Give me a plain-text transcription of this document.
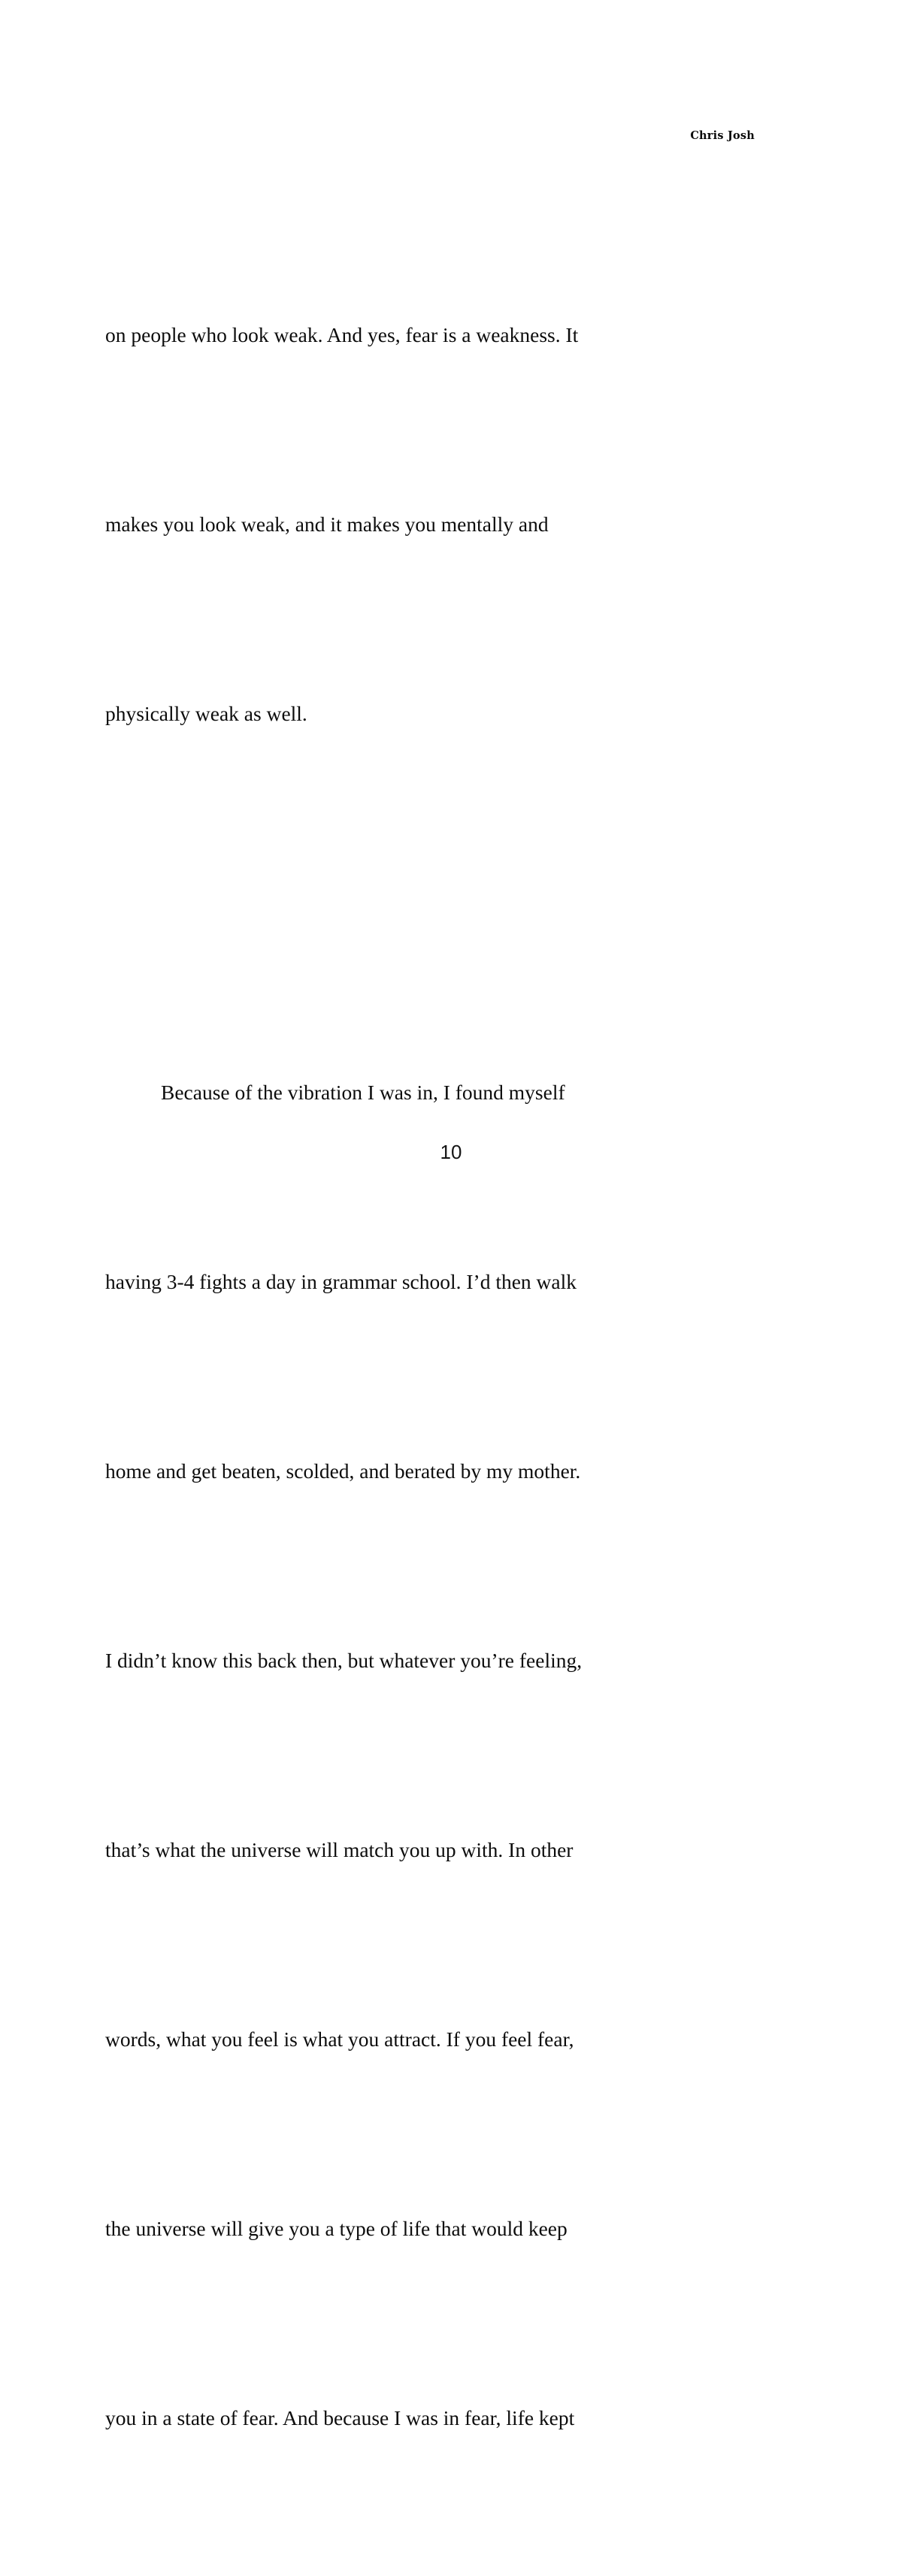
Chris Josh

on people who look weak. And yes, fear is a weakness. It

makes you look weak, and it makes you mentally and

physically weak as well.

Because of the vibration I was in, I found myself

having 3-4 fights a day in grammar school. I’d then walk

home and get beaten, scolded, and berated by my mother.

I didn’t know this back then, but whatever you’re feeling,

that’s what the universe will match you up with. In other

words, what you feel is what you attract. If you feel fear,

the universe will give you a type of life that would keep

you in a state of fear. And because I was in fear, life kept

10
